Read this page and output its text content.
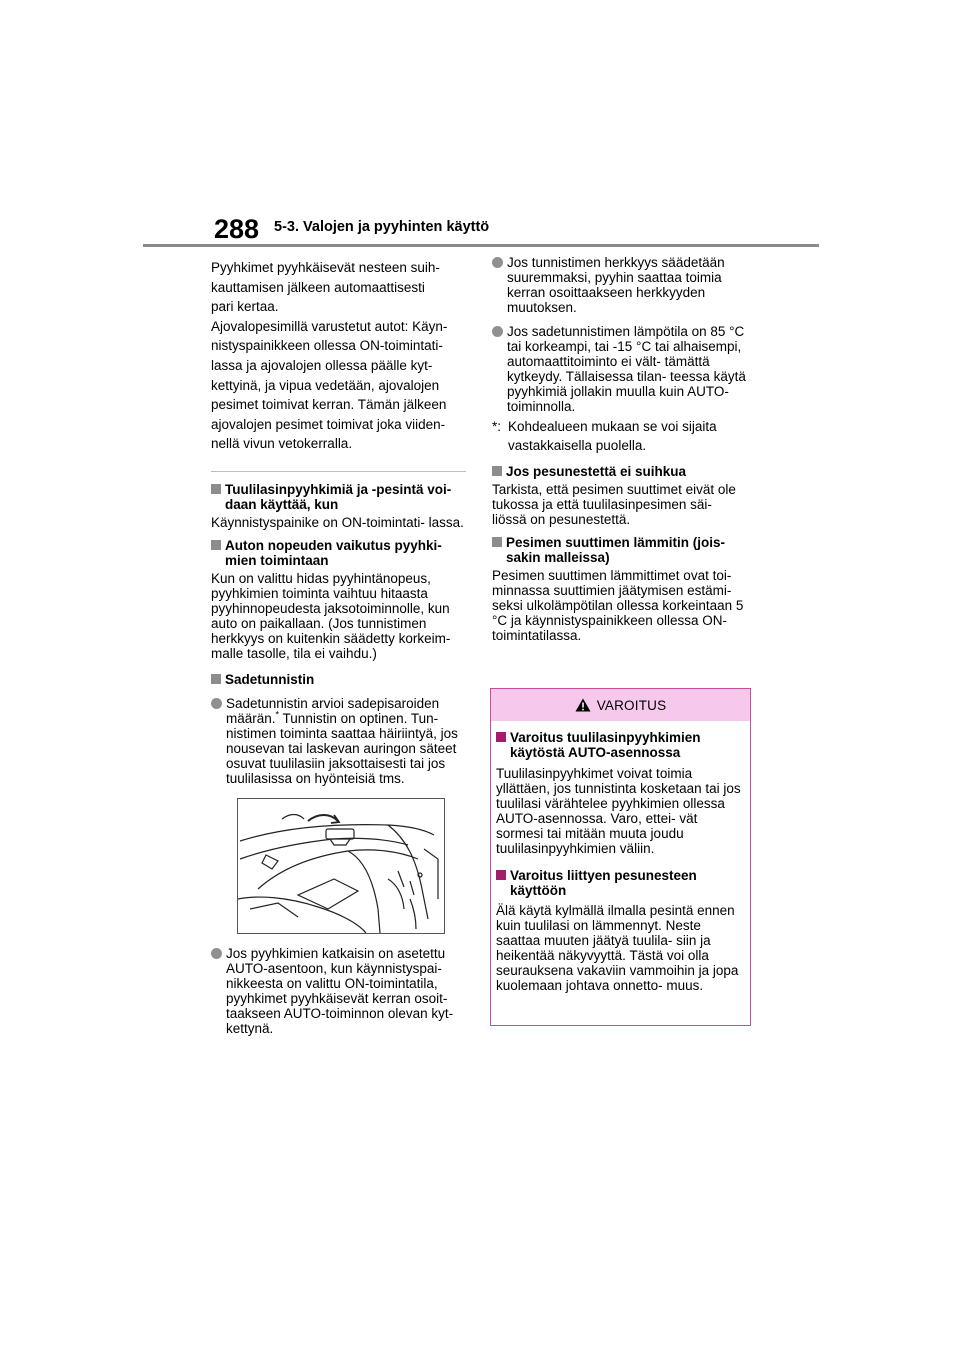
288 5-3. Valojen ja pyyhinten käyttö

Pyyhkimet pyyhkäisevät nesteen suih-

kauttamisen jälkeen automaattisesti

pari kertaa.

Ajovalopesimillä varustetut autot: Käyn-

nistyspainikkeen ollessa ON-toimintati-

lassa ja ajovalojen ollessa päälle kyt-

kettyinä, ja vipua vedetään, ajovalojen

pesimet toimivat kerran. Tämän jälkeen

ajovalojen pesimet toimivat joka viiden-

nellä vivun vetokerralla.

Tuulilasinpyyhkimiä ja -pesintä voi- daan käyttää, kun

Käynnistyspainike on ON-toimintati- lassa.

Auton nopeuden vaikutus pyyhki- mien toimintaan

Kun on valittu hidas pyyhintänopeus, pyyhkimien toiminta vaihtuu hitaasta pyyhinnopeudesta jaksotoiminnolle, kun auto on paikallaan. (Jos tunnistimen herkkyys on kuitenkin säädetty korkeim- malle tasolle, tila ei vaihdu.)

Sadetunnistin
Sadetunnistin arvioi sadepisaroiden määrän.* Tunnistin on optinen. Tun- nistimen toiminta saattaa häiriintyä, jos nousevan tai laskevan auringon säteet osuvat tuulilasiin jaksottaisesti tai jos tuulilasissa on hyönteisiä tms.
Jos pyyhkimien katkaisin on asetettu AUTO-asentoon, kun käynnistyspai- nikkeesta on valittu ON-toimintatila, pyyhkimet pyyhkäisevät kerran osoit- taakseen AUTO-toiminnon olevan kyt- kettynä.
Jos tunnistimen herkkyys säädetään suuremmaksi, pyyhin saattaa toimia kerran osoittaakseen herkkyyden muutoksen.
Jos sadetunnistimen lämpötila on 85 °C tai korkeampi, tai -15 °C tai alhaisempi, automaattitoiminto ei vält- tämättä kytkeydy. Tällaisessa tilan- teessa käytä pyyhkimiä jollakin muulla kuin AUTO-toiminnolla.
*: Kohdealueen mukaan se voi sijaita vastakkaisella puolella.
Jos pesunestettä ei suihkua

Tarkista, että pesimen suuttimet eivät ole tukossa ja että tuulilasinpesimen säi- liössä on pesunestettä.

Pesimen suuttimen lämmitin (jois- sakin malleissa)

Pesimen suuttimen lämmittimet ovat toi- minnassa suuttimien jäätymisen estämi- seksi ulkolämpötilan ollessa korkeintaan 5 °C ja käynnistyspainikkeen ollessa ON-toimintatilassa.

VAROITUS
Varoitus tuulilasinpyyhkimien käytöstä AUTO-asennossa

Tuulilasinpyyhkimet voivat toimia yllättäen, jos tunnistinta kosketaan tai jos tuulilasi värähtelee pyyhkimien ollessa AUTO-asennossa. Varo, ettei- vät sormesi tai mitään muuta joudu tuulilasinpyyhkimien väliin.

Varoitus liittyen pesunesteen käyttöön

Älä käytä kylmällä ilmalla pesintä ennen kuin tuulilasi on lämmennyt. Neste saattaa muuten jäätyä tuulila- siin ja heikentää näkyvyyttä. Tästä voi olla seurauksena vakaviin vammoihin ja jopa kuolemaan johtava onnetto- muus.
